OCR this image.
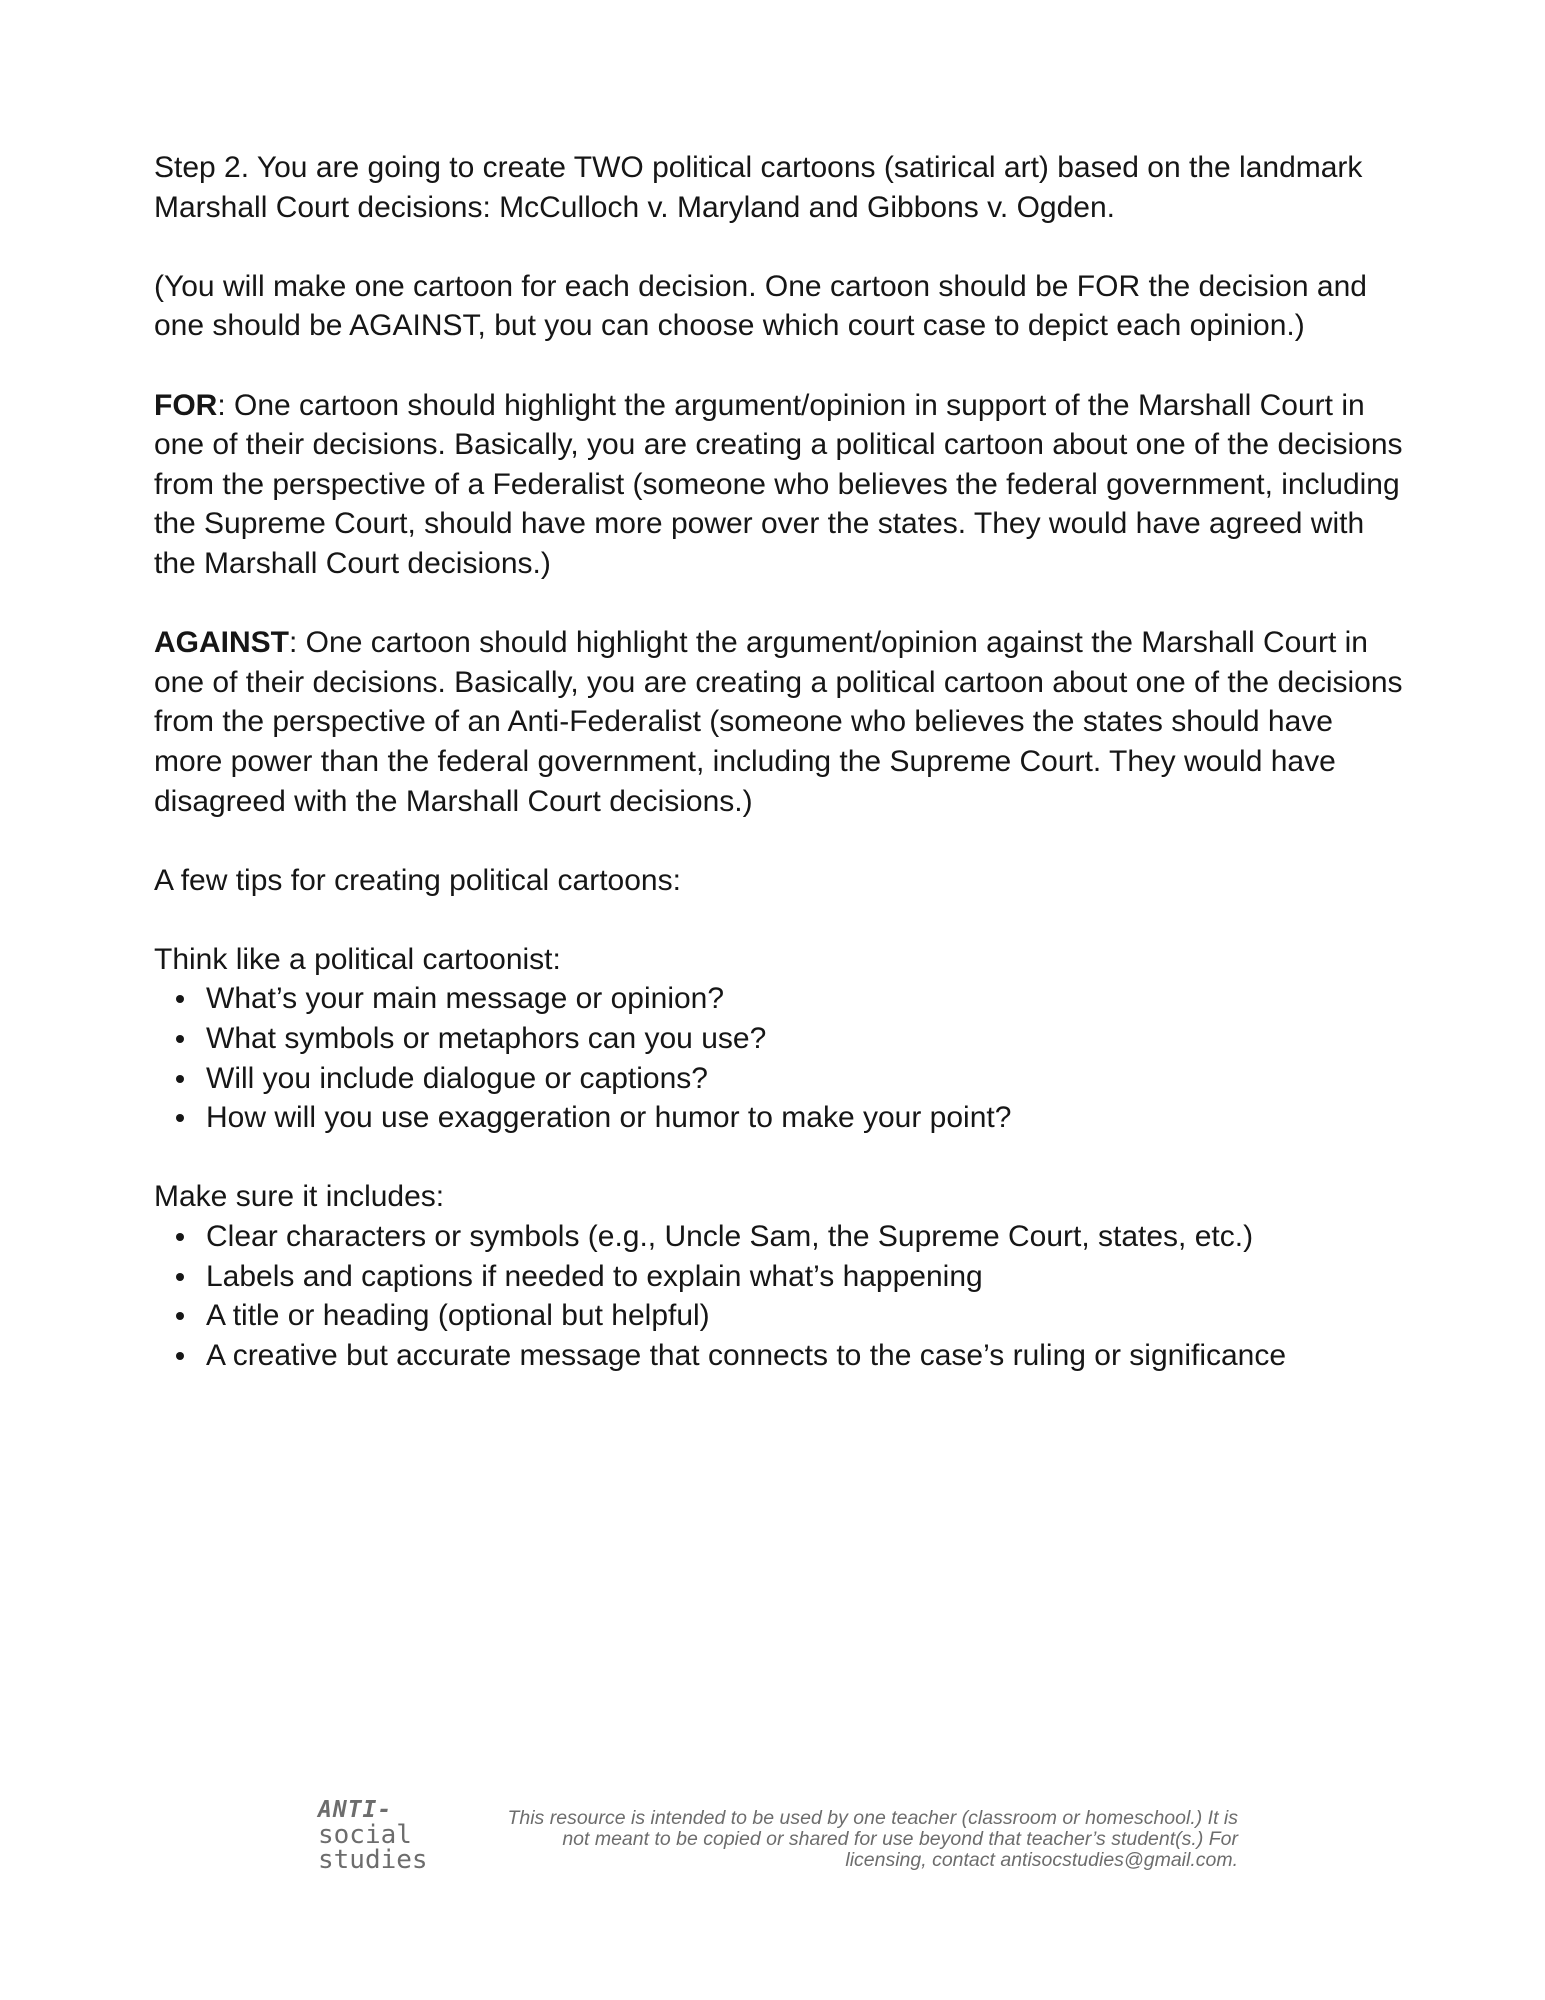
Step 2. You are going to create TWO political cartoons (satirical art) based on the landmark Marshall Court decisions: McCulloch v. Maryland and Gibbons v. Ogden.

(You will make one cartoon for each decision. One cartoon should be FOR the decision and one should be AGAINST, but you can choose which court case to depict each opinion.)

FOR: One cartoon should highlight the argument/opinion in support of the Marshall Court in one of their decisions. Basically, you are creating a political cartoon about one of the decisions from the perspective of a Federalist (someone who believes the federal government, including the Supreme Court, should have more power over the states. They would have agreed with the Marshall Court decisions.)

AGAINST: One cartoon should highlight the argument/opinion against the Marshall Court in one of their decisions. Basically, you are creating a political cartoon about one of the decisions from the perspective of an Anti-Federalist (someone who believes the states should have more power than the federal government, including the Supreme Court. They would have disagreed with the Marshall Court decisions.)

A few tips for creating political cartoons:

Think like a political cartoonist:

What’s your main message or opinion?
What symbols or metaphors can you use?
Will you include dialogue or captions?
How will you use exaggeration or humor to make your point?

Make sure it includes:

Clear characters or symbols (e.g., Uncle Sam, the Supreme Court, states, etc.)
Labels and captions if needed to explain what’s happening
A title or heading (optional but helpful)
A creative but accurate message that connects to the case’s ruling or significance
ANTI-
social
studies
This resource is intended to be used by one teacher (classroom or homeschool.) It is not meant to be copied or shared for use beyond that teacher’s student(s.) For licensing, contact antisocstudies@gmail.com.
